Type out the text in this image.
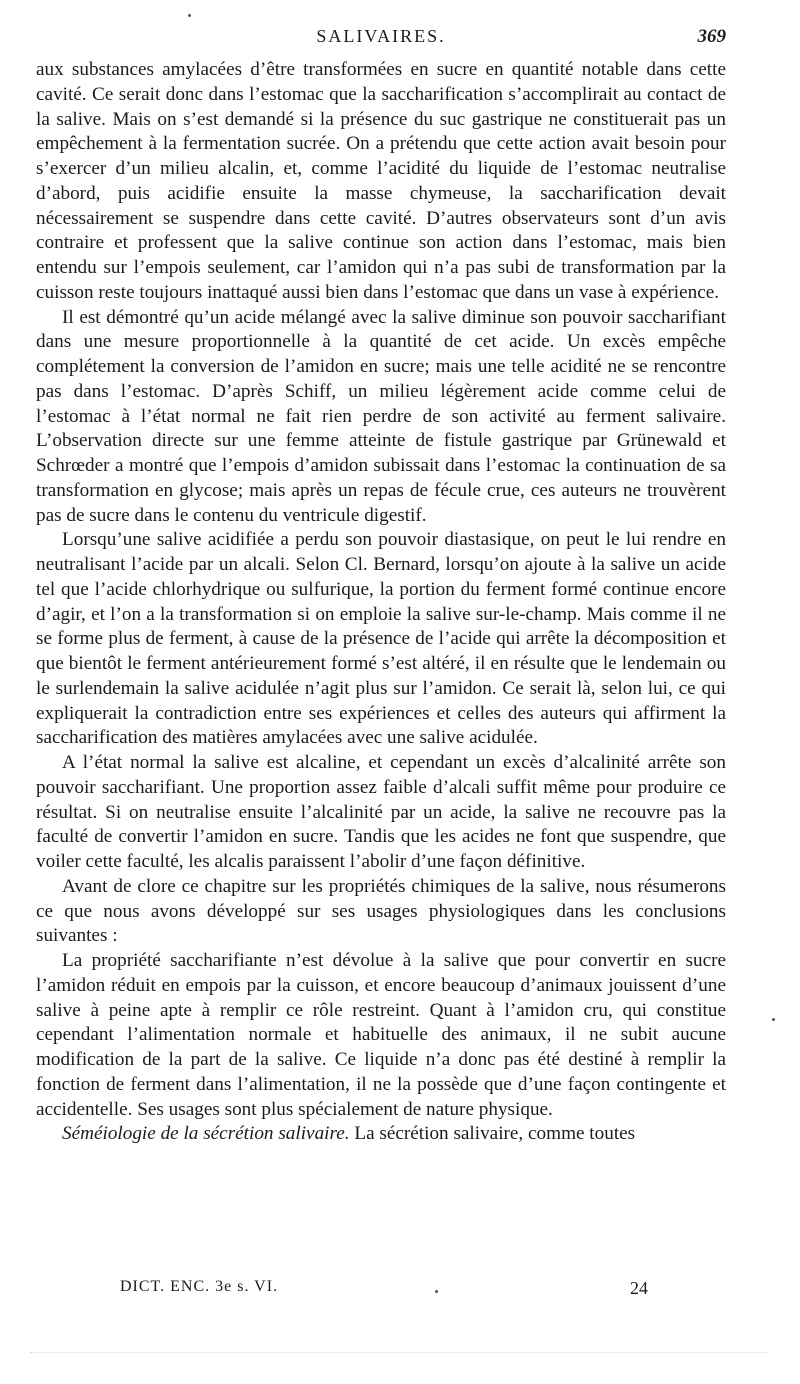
SALIVAIRES.	369

aux substances amylacées d’être transformées en sucre en quantité notable dans cette cavité. Ce serait donc dans l’estomac que la saccharification s’accomplirait au contact de la salive. Mais on s’est demandé si la présence du suc gastrique ne constituerait pas un empêchement à la fermentation sucrée. On a prétendu que cette action avait besoin pour s’exercer d’un milieu alcalin, et, comme l’acidité du liquide de l’estomac neutralise d’abord, puis acidifie ensuite la masse chymeuse, la saccharification devait nécessairement se suspendre dans cette cavité. D’autres observateurs sont d’un avis contraire et professent que la salive continue son action dans l’estomac, mais bien entendu sur l’empois seulement, car l’amidon qui n’a pas subi de transformation par la cuisson reste toujours inattaqué aussi bien dans l’estomac que dans un vase à expérience.

Il est démontré qu’un acide mélangé avec la salive diminue son pouvoir saccharifiant dans une mesure proportionnelle à la quantité de cet acide. Un excès empêche complétement la conversion de l’amidon en sucre; mais une telle acidité ne se rencontre pas dans l’estomac. D’après Schiff, un milieu légèrement acide comme celui de l’estomac à l’état normal ne fait rien perdre de son activité au ferment salivaire. L’observation directe sur une femme atteinte de fistule gastrique par Grünewald et Schrœder a montré que l’empois d’amidon subissait dans l’estomac la continuation de sa transformation en glycose; mais après un repas de fécule crue, ces auteurs ne trouvèrent pas de sucre dans le contenu du ventricule digestif.

Lorsqu’une salive acidifiée a perdu son pouvoir diastasique, on peut le lui rendre en neutralisant l’acide par un alcali. Selon Cl. Bernard, lorsqu’on ajoute à la salive un acide tel que l’acide chlorhydrique ou sulfurique, la portion du ferment formé continue encore d’agir, et l’on a la transformation si on emploie la salive sur-le-champ. Mais comme il ne se forme plus de ferment, à cause de la présence de l’acide qui arrête la décomposition et que bientôt le ferment antérieurement formé s’est altéré, il en résulte que le lendemain ou le surlendemain la salive acidulée n’agit plus sur l’amidon. Ce serait là, selon lui, ce qui expliquerait la contradiction entre ses expériences et celles des auteurs qui affirment la saccharification des matières amylacées avec une salive acidulée.

A l’état normal la salive est alcaline, et cependant un excès d’alcalinité arrête son pouvoir saccharifiant. Une proportion assez faible d’alcali suffit même pour produire ce résultat. Si on neutralise ensuite l’alcalinité par un acide, la salive ne recouvre pas la faculté de convertir l’amidon en sucre. Tandis que les acides ne font que suspendre, que voiler cette faculté, les alcalis paraissent l’abolir d’une façon définitive.

Avant de clore ce chapitre sur les propriétés chimiques de la salive, nous résumerons ce que nous avons développé sur ses usages physiologiques dans les conclusions suivantes :

La propriété saccharifiante n’est dévolue à la salive que pour convertir en sucre l’amidon réduit en empois par la cuisson, et encore beaucoup d’animaux jouissent d’une salive à peine apte à remplir ce rôle restreint. Quant à l’amidon cru, qui constitue cependant l’alimentation normale et habituelle des animaux, il ne subit aucune modification de la part de la salive. Ce liquide n’a donc pas été destiné à remplir la fonction de ferment dans l’alimentation, il ne la possède que d’une façon contingente et accidentelle. Ses usages sont plus spécialement de nature physique.

Séméiologie de la sécrétion salivaire. La sécrétion salivaire, comme toutes

DICT. ENC. 3e s. VI.	24
